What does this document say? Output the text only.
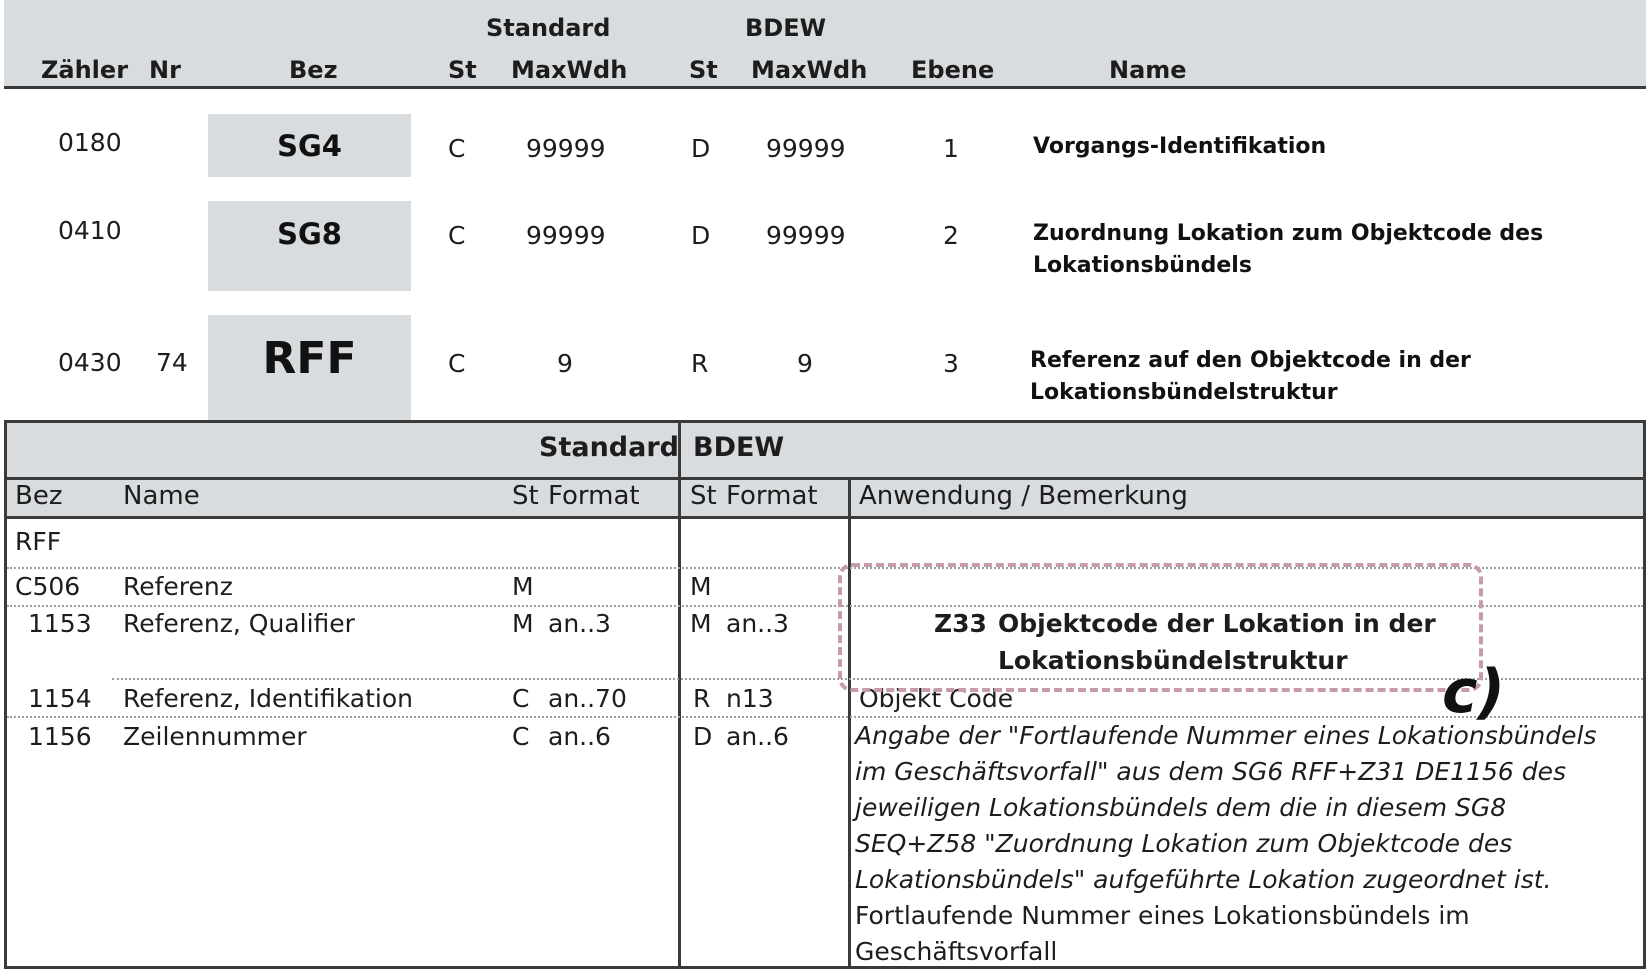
Standard	BDEW
Zähler Nr	Bez	St MaxWdh	St MaxWdh Ebene	Name
0180	SG4	C 99999	D 99999	1	Vorgangs-Identifikation
0410	SG8	C 99999	D 99999	2	Zuordnung Lokation zum Objektcode des
Lokationsbündels
0430 74	RFF	C	9	R	9	3	Referenz auf den Objektcode in der
Lokationsbündelstruktur
Standard BDEW
Bez Name	St Format St Format Anwendung / Bemerkung
RFF
C506 Referenz	M	M
1153 Referenz, Qualifier	M an..3	M an..3	Z33 Objektcode der Lokation in der
Lokationsbündelstruktur
1154 Referenz, Identifikation	C an..70	R n13	Objekt Code
1156 Zeilennummer	C an..6	D an..6	Angabe der "Fortlaufende Nummer eines Lokationsbündels
im Geschäftsvorfall" aus dem SG6 RFF+Z31 DE1156 des
jeweiligen Lokationsbündels dem die in diesem SG8
SEQ+Z58 "Zuordnung Lokation zum Objektcode des
Lokationsbündels" aufgeführte Lokation zugeordnet ist.
Fortlaufende Nummer eines Lokationsbündels im
Geschäftsvorfall
c)
